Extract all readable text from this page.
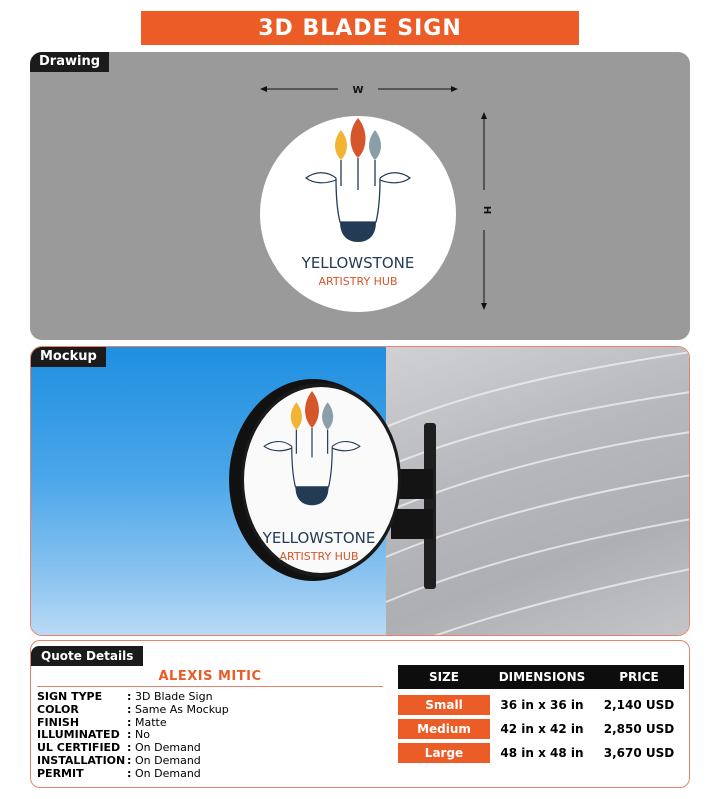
3D BLADE SIGN
Drawing
W
H
YELLOWSTONE
ARTISTRY HUB
Mockup
YELLOWSTONE
ARTISTRY HUB
Quote Details
ALEXIS MITIC
SIGN TYPE	: 3D Blade Sign
COLOR	: Same As Mockup
FINISH	: Matte
ILLUMINATED : No
UL CERTIFIED : On Demand
INSTALLATION : On Demand
PERMIT	: On Demand
SIZE	DIMENSIONS	PRICE
Small	36 in x 36 in	2,140 USD
Medium	42 in x 42 in	2,850 USD
Large	48 in x 48 in	3,670 USD
